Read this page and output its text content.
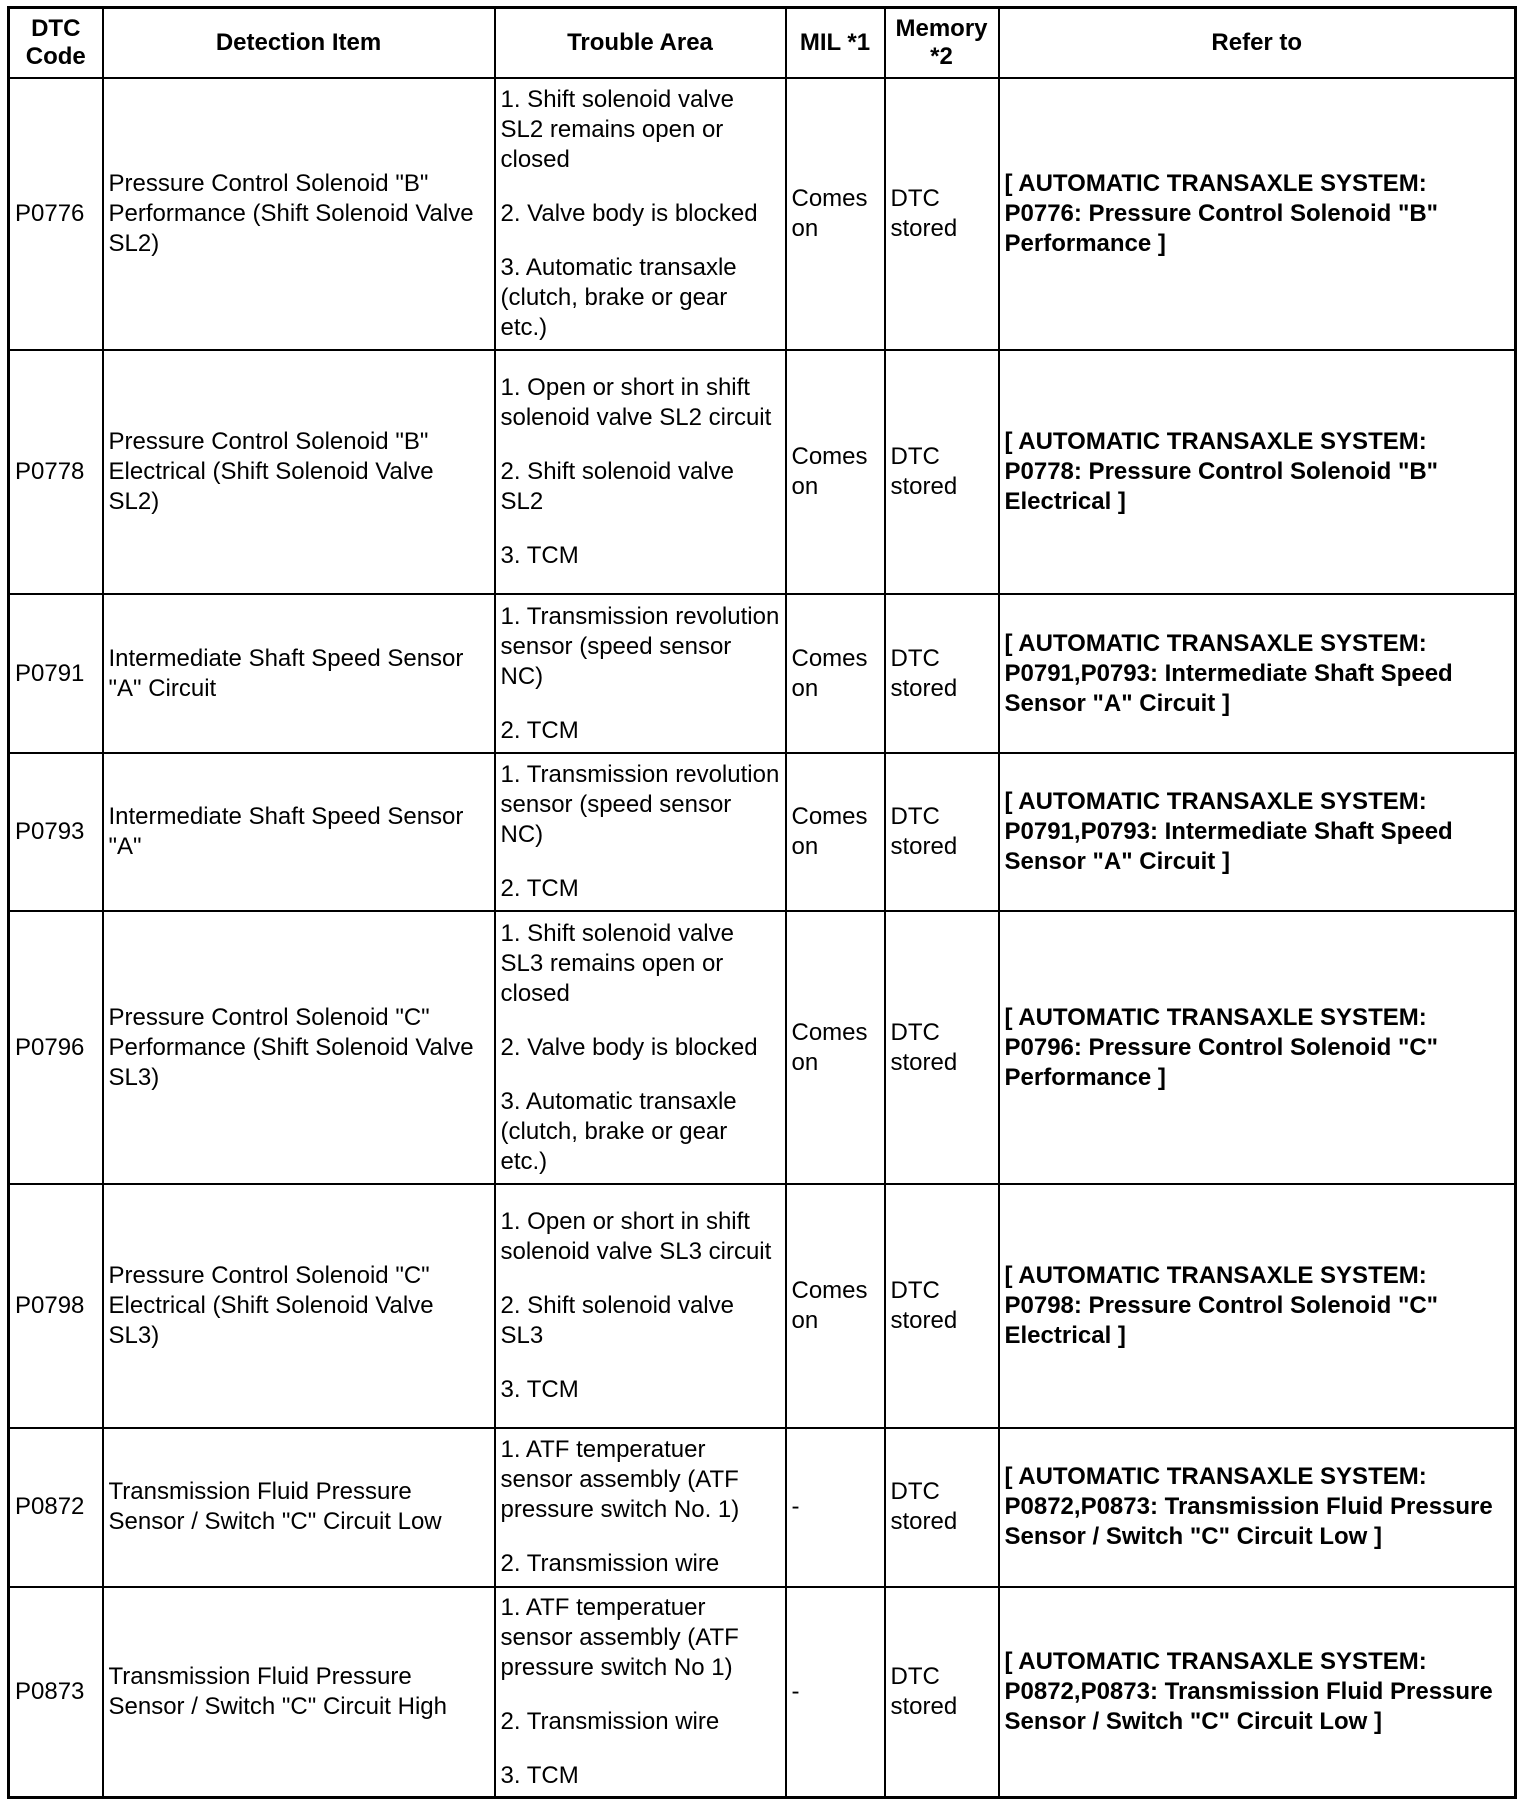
DTC Code	Detection Item	Trouble Area	MIL *1	Memory *2	Refer to
P0776	Pressure Control Solenoid "B" Performance (Shift Solenoid Valve SL2)	1. Shift solenoid valve SL2 remains open or closed
2. Valve body is blocked
3. Automatic transaxle (clutch, brake or gear etc.)	Comes on	DTC stored	[ AUTOMATIC TRANSAXLE SYSTEM: P0776: Pressure Control Solenoid "B" Performance ]
P0778	Pressure Control Solenoid "B" Electrical (Shift Solenoid Valve SL2)	1. Open or short in shift solenoid valve SL2 circuit
2. Shift solenoid valve SL2
3. TCM	Comes on	DTC stored	[ AUTOMATIC TRANSAXLE SYSTEM: P0778: Pressure Control Solenoid "B" Electrical ]
P0791	Intermediate Shaft Speed Sensor "A" Circuit	1. Transmission revolution sensor (speed sensor NC)
2. TCM	Comes on	DTC stored	[ AUTOMATIC TRANSAXLE SYSTEM: P0791,P0793: Intermediate Shaft Speed Sensor "A" Circuit ]
P0793	Intermediate Shaft Speed Sensor "A"	1. Transmission revolution sensor (speed sensor NC)
2. TCM	Comes on	DTC stored	[ AUTOMATIC TRANSAXLE SYSTEM: P0791,P0793: Intermediate Shaft Speed Sensor "A" Circuit ]
P0796	Pressure Control Solenoid "C" Performance (Shift Solenoid Valve SL3)	1. Shift solenoid valve SL3 remains open or closed
2. Valve body is blocked
3. Automatic transaxle (clutch, brake or gear etc.)	Comes on	DTC stored	[ AUTOMATIC TRANSAXLE SYSTEM: P0796: Pressure Control Solenoid "C" Performance ]
P0798	Pressure Control Solenoid "C" Electrical (Shift Solenoid Valve SL3)	1. Open or short in shift solenoid valve SL3 circuit
2. Shift solenoid valve SL3
3. TCM	Comes on	DTC stored	[ AUTOMATIC TRANSAXLE SYSTEM: P0798: Pressure Control Solenoid "C" Electrical ]
P0872	Transmission Fluid Pressure Sensor / Switch "C" Circuit Low	1. ATF temperatuer sensor assembly (ATF pressure switch No. 1)
2. Transmission wire	-	DTC stored	[ AUTOMATIC TRANSAXLE SYSTEM: P0872,P0873: Transmission Fluid Pressure Sensor / Switch "C" Circuit Low ]
P0873	Transmission Fluid Pressure Sensor / Switch "C" Circuit High	1. ATF temperatuer sensor assembly (ATF pressure switch No 1)
2. Transmission wire
3. TCM	-	DTC stored	[ AUTOMATIC TRANSAXLE SYSTEM: P0872,P0873: Transmission Fluid Pressure Sensor / Switch "C" Circuit Low ]
